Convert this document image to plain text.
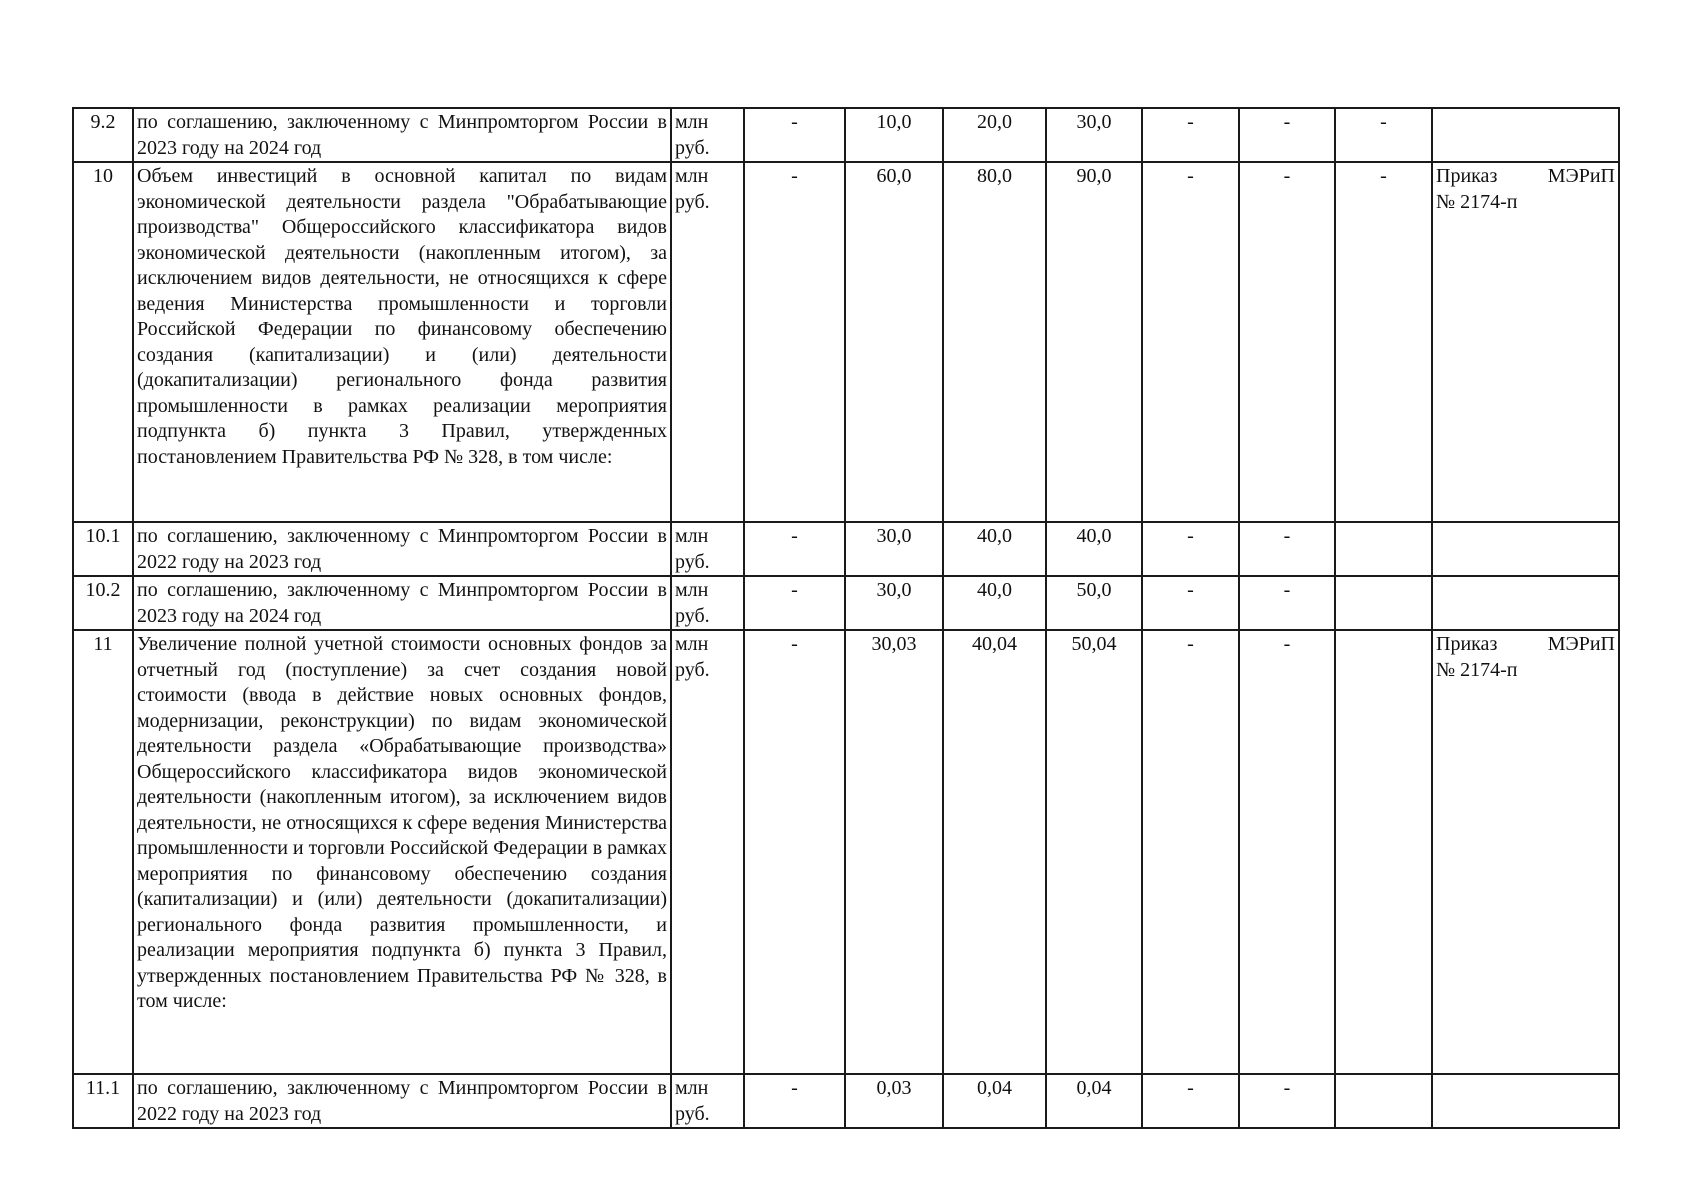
9.2	по соглашению, заключенному с Минпромторгом России в 2023 году на 2024 год	млн руб.	-	10,0	20,0	30,0	-	-	-	

10	Объем инвестиций в основной капитал по видам экономической деятельности раздела "Обрабатывающие производства" Общероссийского классификатора видов экономической деятельности (накопленным итогом), за исключением видов деятельности, не относящихся к сфере ведения Министерства промышленности и торговли Российской Федерации по финансовому обеспечению создания (капитализации) и (или) деятельности (докапитализации) регионального фонда развития промышленности в рамках реализации мероприятия подпункта б) пункта 3 Правил, утвержденных постановлением Правительства РФ № 328, в том числе:	млн руб.	-	60,0	80,0	90,0	-	-	-	Приказ МЭРиП
№ 2174-п

10.1	по соглашению, заключенному с Минпромторгом России в 2022 году на 2023 год	млн руб.	-	30,0	40,0	40,0	-	-		

10.2	по соглашению, заключенному с Минпромторгом России в 2023 году на 2024 год	млн руб.	-	30,0	40,0	50,0	-	-		

11	Увеличение полной учетной стоимости основных фондов за отчетный год (поступление) за счет создания новой стоимости (ввода в действие новых основных фондов, модернизации, реконструкции) по видам экономической деятельности раздела «Обрабатывающие производства» Общероссийского классификатора видов экономической деятельности (накопленным итогом), за исключением видов деятельности, не относящихся к сфере ведения Министерства промышленности и торговли Российской Федерации в рамках мероприятия по финансовому обеспечению создания (капитализации) и (или) деятельности (докапитализации) регионального фонда развития промышленности, и реализации мероприятия подпункта б) пункта 3 Правил, утвержденных постановлением Правительства РФ № 328, в том числе:	млн руб.	-	30,03	40,04	50,04	-	-		Приказ МЭРиП
№ 2174-п

11.1	по соглашению, заключенному с Минпромторгом России в 2022 году на 2023 год	млн руб.	-	0,03	0,04	0,04	-	-		
